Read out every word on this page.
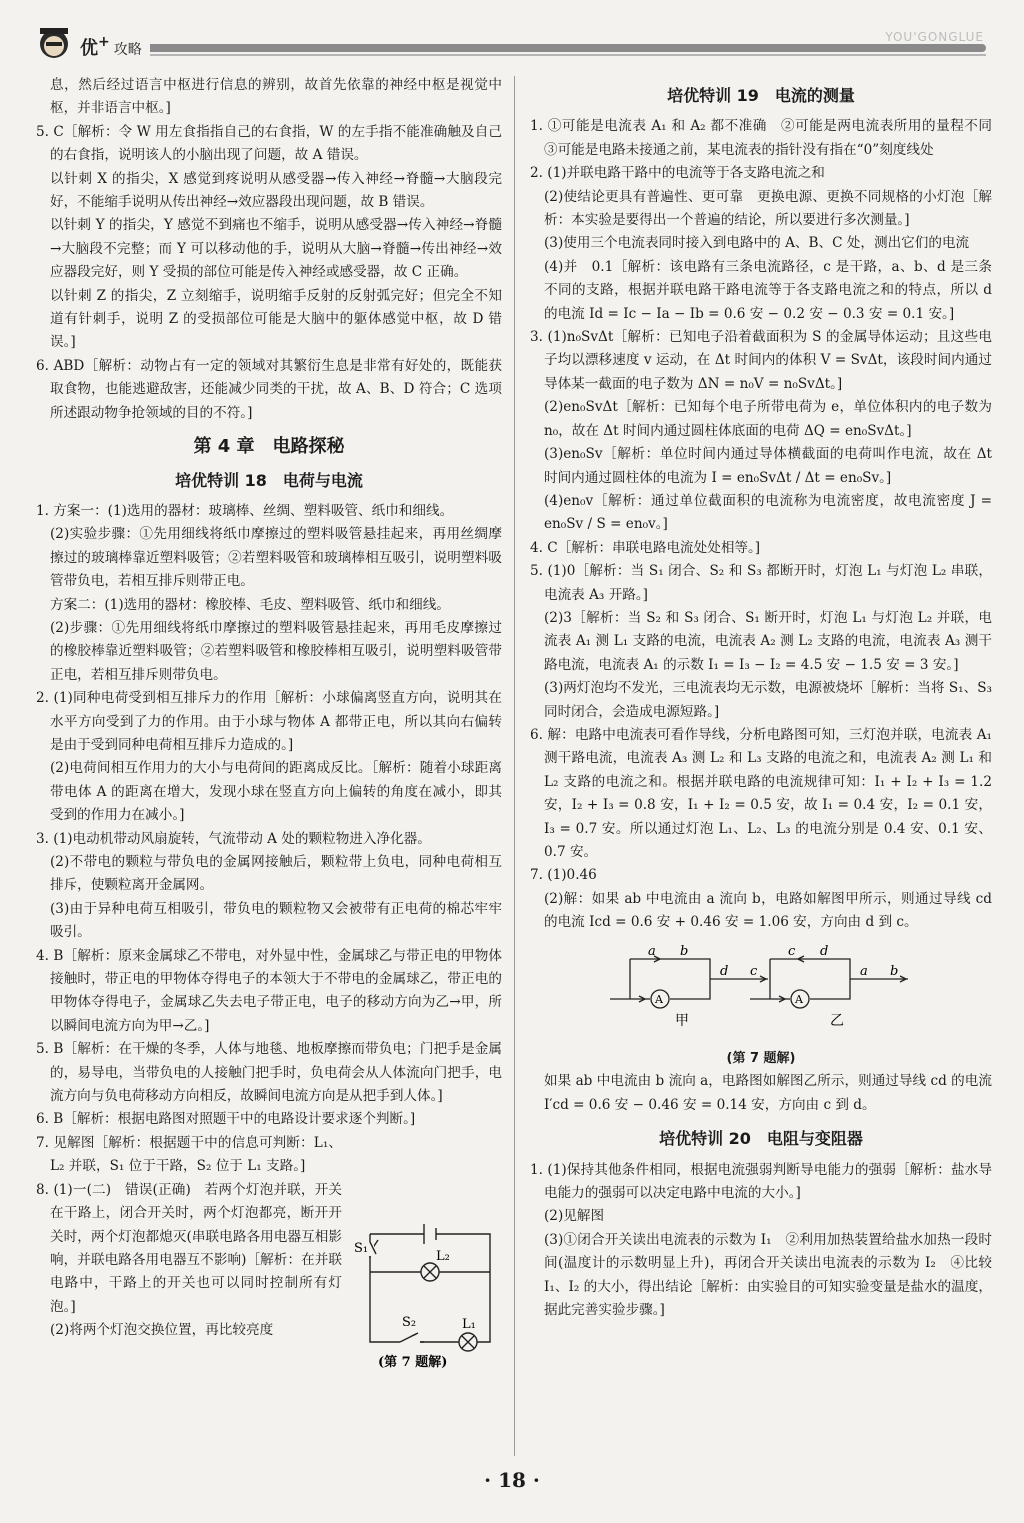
优+ 攻略
YOU'GONGLUE

息，然后经过语言中枢进行信息的辨别，故首先依靠的神经中枢是视觉中枢，并非语言中枢。]

5. C［解析：令 W 用左食指指自己的右食指，W 的左手指不能准确触及自己的右食指，说明该人的小脑出现了问题，故 A 错误。

以针刺 X 的指尖，X 感觉到疼说明从感受器→传入神经→脊髓→大脑段完好，不能缩手说明从传出神经→效应器段出现问题，故 B 错误。

以针刺 Y 的指尖，Y 感觉不到痛也不缩手，说明从感受器→传入神经→脊髓→大脑段不完整；而 Y 可以移动他的手，说明从大脑→脊髓→传出神经→效应器段完好，则 Y 受损的部位可能是传入神经或感受器，故 C 正确。

以针刺 Z 的指尖，Z 立刻缩手，说明缩手反射的反射弧完好；但完全不知道有针刺手，说明 Z 的受损部位可能是大脑中的躯体感觉中枢，故 D 错误。]

6. ABD［解析：动物占有一定的领域对其繁衍生息是非常有好处的，既能获取食物，也能逃避敌害，还能减少同类的干扰，故 A、B、D 符合；C 选项所述跟动物争抢领域的目的不符。]

第 4 章　电路探秘
培优特训 18　电荷与电流

1. 方案一：(1)选用的器材：玻璃棒、丝绸、塑料吸管、纸巾和细线。

(2)实验步骤：①先用细线将纸巾摩擦过的塑料吸管悬挂起来，再用丝绸摩擦过的玻璃棒靠近塑料吸管；②若塑料吸管和玻璃棒相互吸引，说明塑料吸管带负电，若相互排斥则带正电。

方案二：(1)选用的器材：橡胶棒、毛皮、塑料吸管、纸巾和细线。

(2)步骤：①先用细线将纸巾摩擦过的塑料吸管悬挂起来，再用毛皮摩擦过的橡胶棒靠近塑料吸管；②若塑料吸管和橡胶棒相互吸引，说明塑料吸管带正电，若相互排斥则带负电。

2. (1)同种电荷受到相互排斥力的作用［解析：小球偏离竖直方向，说明其在水平方向受到了力的作用。由于小球与物体 A 都带正电，所以其向右偏转是由于受到同种电荷相互排斥力造成的。]

(2)电荷间相互作用力的大小与电荷间的距离成反比。［解析：随着小球距离带电体 A 的距离在增大，发现小球在竖直方向上偏转的角度在减小，即其受到的作用力在减小。]

3. (1)电动机带动风扇旋转，气流带动 A 处的颗粒物进入净化器。

(2)不带电的颗粒与带负电的金属网接触后，颗粒带上负电，同种电荷相互排斥，使颗粒离开金属网。

(3)由于异种电荷互相吸引，带负电的颗粒物又会被带有正电荷的棉芯牢牢吸引。

4. B［解析：原来金属球乙不带电，对外显中性，金属球乙与带正电的甲物体接触时，带正电的甲物体夺得电子的本领大于不带电的金属球乙，带正电的甲物体夺得电子，金属球乙失去电子带正电，电子的移动方向为乙→甲，所以瞬间电流方向为甲→乙。]

5. B［解析：在干燥的冬季，人体与地毯、地板摩擦而带负电；门把手是金属的，易导电，当带负电的人接触门把手时，负电荷会从人体流向门把手，电流方向与负电荷移动方向相反，故瞬间电流方向是从把手到人体。]

6. B［解析：根据电路图对照题干中的电路设计要求逐个判断。]

7. 见解图［解析：根据题干中的信息可判断：L₁、L₂ 并联，S₁ 位于干路，S₂ 位于 L₁ 支路。]

8. (1)一(二)　错误(正确)　若两个灯泡并联，开关在干路上，闭合开关时，两个灯泡都亮，断开开关时，两个灯泡都熄灭(串联电路各用电器互相影响，并联电路各用电器互不影响)［解析：在并联电路中，干路上的开关也可以同时控制所有灯泡。]

(2)将两个灯泡交换位置，再比较亮度

S₁
L₂
S₂	L₁
(第 7 题解)
培优特训 19　电流的测量

1. ①可能是电流表 A₁ 和 A₂ 都不准确　②可能是两电流表所用的量程不同　③可能是电路未接通之前，某电流表的指针没有指在“0”刻度线处

2. (1)并联电路干路中的电流等于各支路电流之和

(2)使结论更具有普遍性、更可靠　更换电源、更换不同规格的小灯泡［解析：本实验是要得出一个普遍的结论，所以要进行多次测量。]

(3)使用三个电流表同时接入到电路中的 A、B、C 处，测出它们的电流

(4)并　0.1［解析：该电路有三条电流路径，c 是干路，a、b、d 是三条不同的支路，根据并联电路干路电流等于各支路电流之和的特点，所以 d 的电流 Id = Ic − Ia − Ib = 0.6 安 − 0.2 安 − 0.3 安 = 0.1 安。]

3. (1)n₀SvΔt［解析：已知电子沿着截面积为 S 的金属导体运动；且这些电子均以漂移速度 v 运动，在 Δt 时间内的体积 V = SvΔt，该段时间内通过导体某一截面的电子数为 ΔN = n₀V = n₀SvΔt。]

(2)en₀SvΔt［解析：已知每个电子所带电荷为 e，单位体积内的电子数为 n₀，故在 Δt 时间内通过圆柱体底面的电荷 ΔQ = en₀SvΔt。]

(3)en₀Sv［解析：单位时间内通过导体横截面的电荷叫作电流，故在 Δt 时间内通过圆柱体的电流为 I = en₀SvΔt / Δt = en₀Sv。]

(4)en₀v［解析：通过单位截面积的电流称为电流密度，故电流密度 J = en₀Sv / S = en₀v。]

4. C［解析：串联电路电流处处相等。]

5. (1)0［解析：当 S₁ 闭合、S₂ 和 S₃ 都断开时，灯泡 L₁ 与灯泡 L₂ 串联，电流表 A₃ 开路。]

(2)3［解析：当 S₂ 和 S₃ 闭合、S₁ 断开时，灯泡 L₁ 与灯泡 L₂ 并联，电流表 A₁ 测 L₁ 支路的电流，电流表 A₂ 测 L₂ 支路的电流，电流表 A₃ 测干路电流，电流表 A₁ 的示数 I₁ = I₃ − I₂ = 4.5 安 − 1.5 安 = 3 安。]

(3)两灯泡均不发光，三电流表均无示数，电源被烧坏［解析：当将 S₁、S₃ 同时闭合，会造成电源短路。]

6. 解：电路中电流表可看作导线，分析电路图可知，三灯泡并联，电流表 A₁ 测干路电流，电流表 A₃ 测 L₂ 和 L₃ 支路的电流之和，电流表 A₂ 测 L₁ 和 L₂ 支路的电流之和。根据并联电路的电流规律可知：I₁ + I₂ + I₃ = 1.2 安，I₂ + I₃ = 0.8 安，I₁ + I₂ = 0.5 安，故 I₁ = 0.4 安，I₂ = 0.1 安，I₃ = 0.7 安。所以通过灯泡 L₁、L₂、L₃ 的电流分别是 0.4 安、0.1 安、0.7 安。

7. (1)0.46

(2)解：如果 ab 中电流由 a 流向 b，电路如解图甲所示，则通过导线 cd 的电流 Icd = 0.6 安 + 0.46 安 = 1.06 安，方向由 d 到 c。

a b
d c
A
c d
a b
A
甲	乙
(第 7 题解)

如果 ab 中电流由 b 流向 a，电路图如解图乙所示，则通过导线 cd 的电流 I′cd = 0.6 安 − 0.46 安 = 0.14 安，方向由 c 到 d。

培优特训 20　电阻与变阻器

1. (1)保持其他条件相同，根据电流强弱判断导电能力的强弱［解析：盐水导电能力的强弱可以决定电路中电流的大小。]

(2)见解图

(3)①闭合开关读出电流表的示数为 I₁　②利用加热装置给盐水加热一段时间(温度计的示数明显上升)，再闭合开关读出电流表的示数为 I₂　④比较 I₁、I₂ 的大小，得出结论［解析：由实验目的可知实验变量是盐水的温度，据此完善实验步骤。]

· 18 ·
